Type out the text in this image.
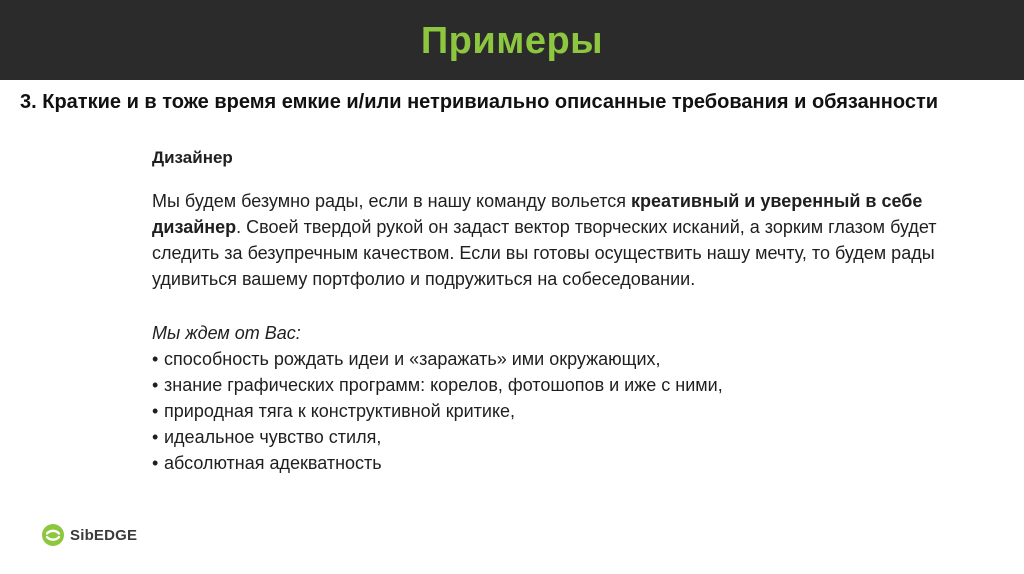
Примеры
3. Краткие и в тоже время емкие и/или нетривиально описанные требования и обязанности

Дизайнер

Мы будем безумно рады, если в нашу команду вольется креативный и уверенный в себе дизайнер. Своей твердой рукой он задаст вектор творческих исканий, а зорким глазом будет следить за безупречным качеством. Если вы готовы осуществить нашу мечту, то будем рады удивиться вашему портфолио и подружиться на собеседовании.

Мы ждем от Вас:

• способность рождать идеи и «заражать» ими окружающих,
• знание графических программ: корелов, фотошопов и иже с ними,
• природная тяга к конструктивной критике,
• идеальное чувство стиля,
• абсолютная адекватность
SibEDGE
